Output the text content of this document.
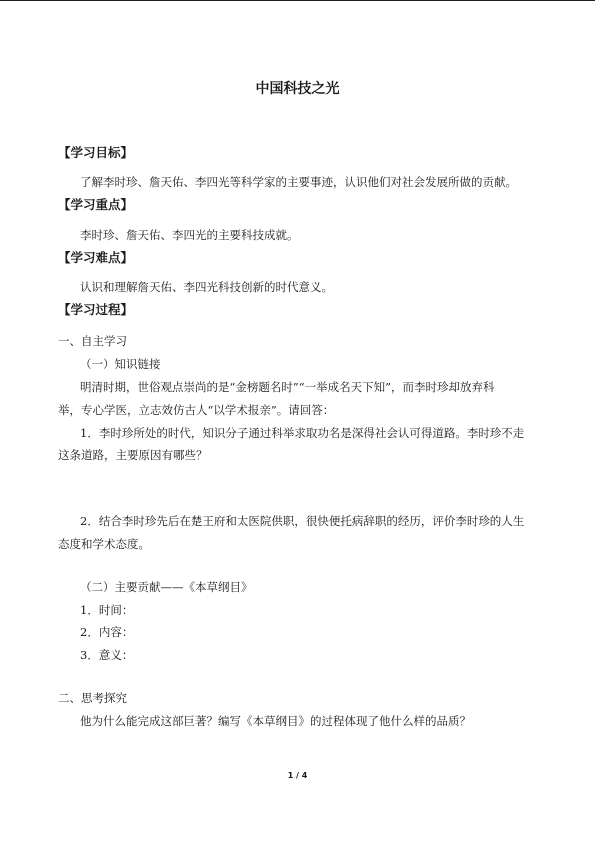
中国科技之光
【学习目标】
了解李时珍、詹天佑、李四光等科学家的主要事迹，认识他们对社会发展所做的贡献。
【学习重点】
李时珍、詹天佑、李四光的主要科技成就。
【学习难点】
认识和理解詹天佑、李四光科技创新的时代意义。
【学习过程】
一、自主学习
（一）知识链接
明清时期，世俗观点崇尚的是“金榜题名时”“一举成名天下知”，而李时珍却放弃科
举，专心学医，立志效仿古人“以学术报亲”。请回答：
1．李时珍所处的时代，知识分子通过科举求取功名是深得社会认可得道路。李时珍不走
这条道路，主要原因有哪些？
2．结合李时珍先后在楚王府和太医院供职，很快便托病辞职的经历，评价李时珍的人生
态度和学术态度。
（二）主要贡献——《本草纲目》
1．时间：
2．内容：
3．意义：
二、思考探究
他为什么能完成这部巨著？编写《本草纲目》的过程体现了他什么样的品质？
1 / 4
